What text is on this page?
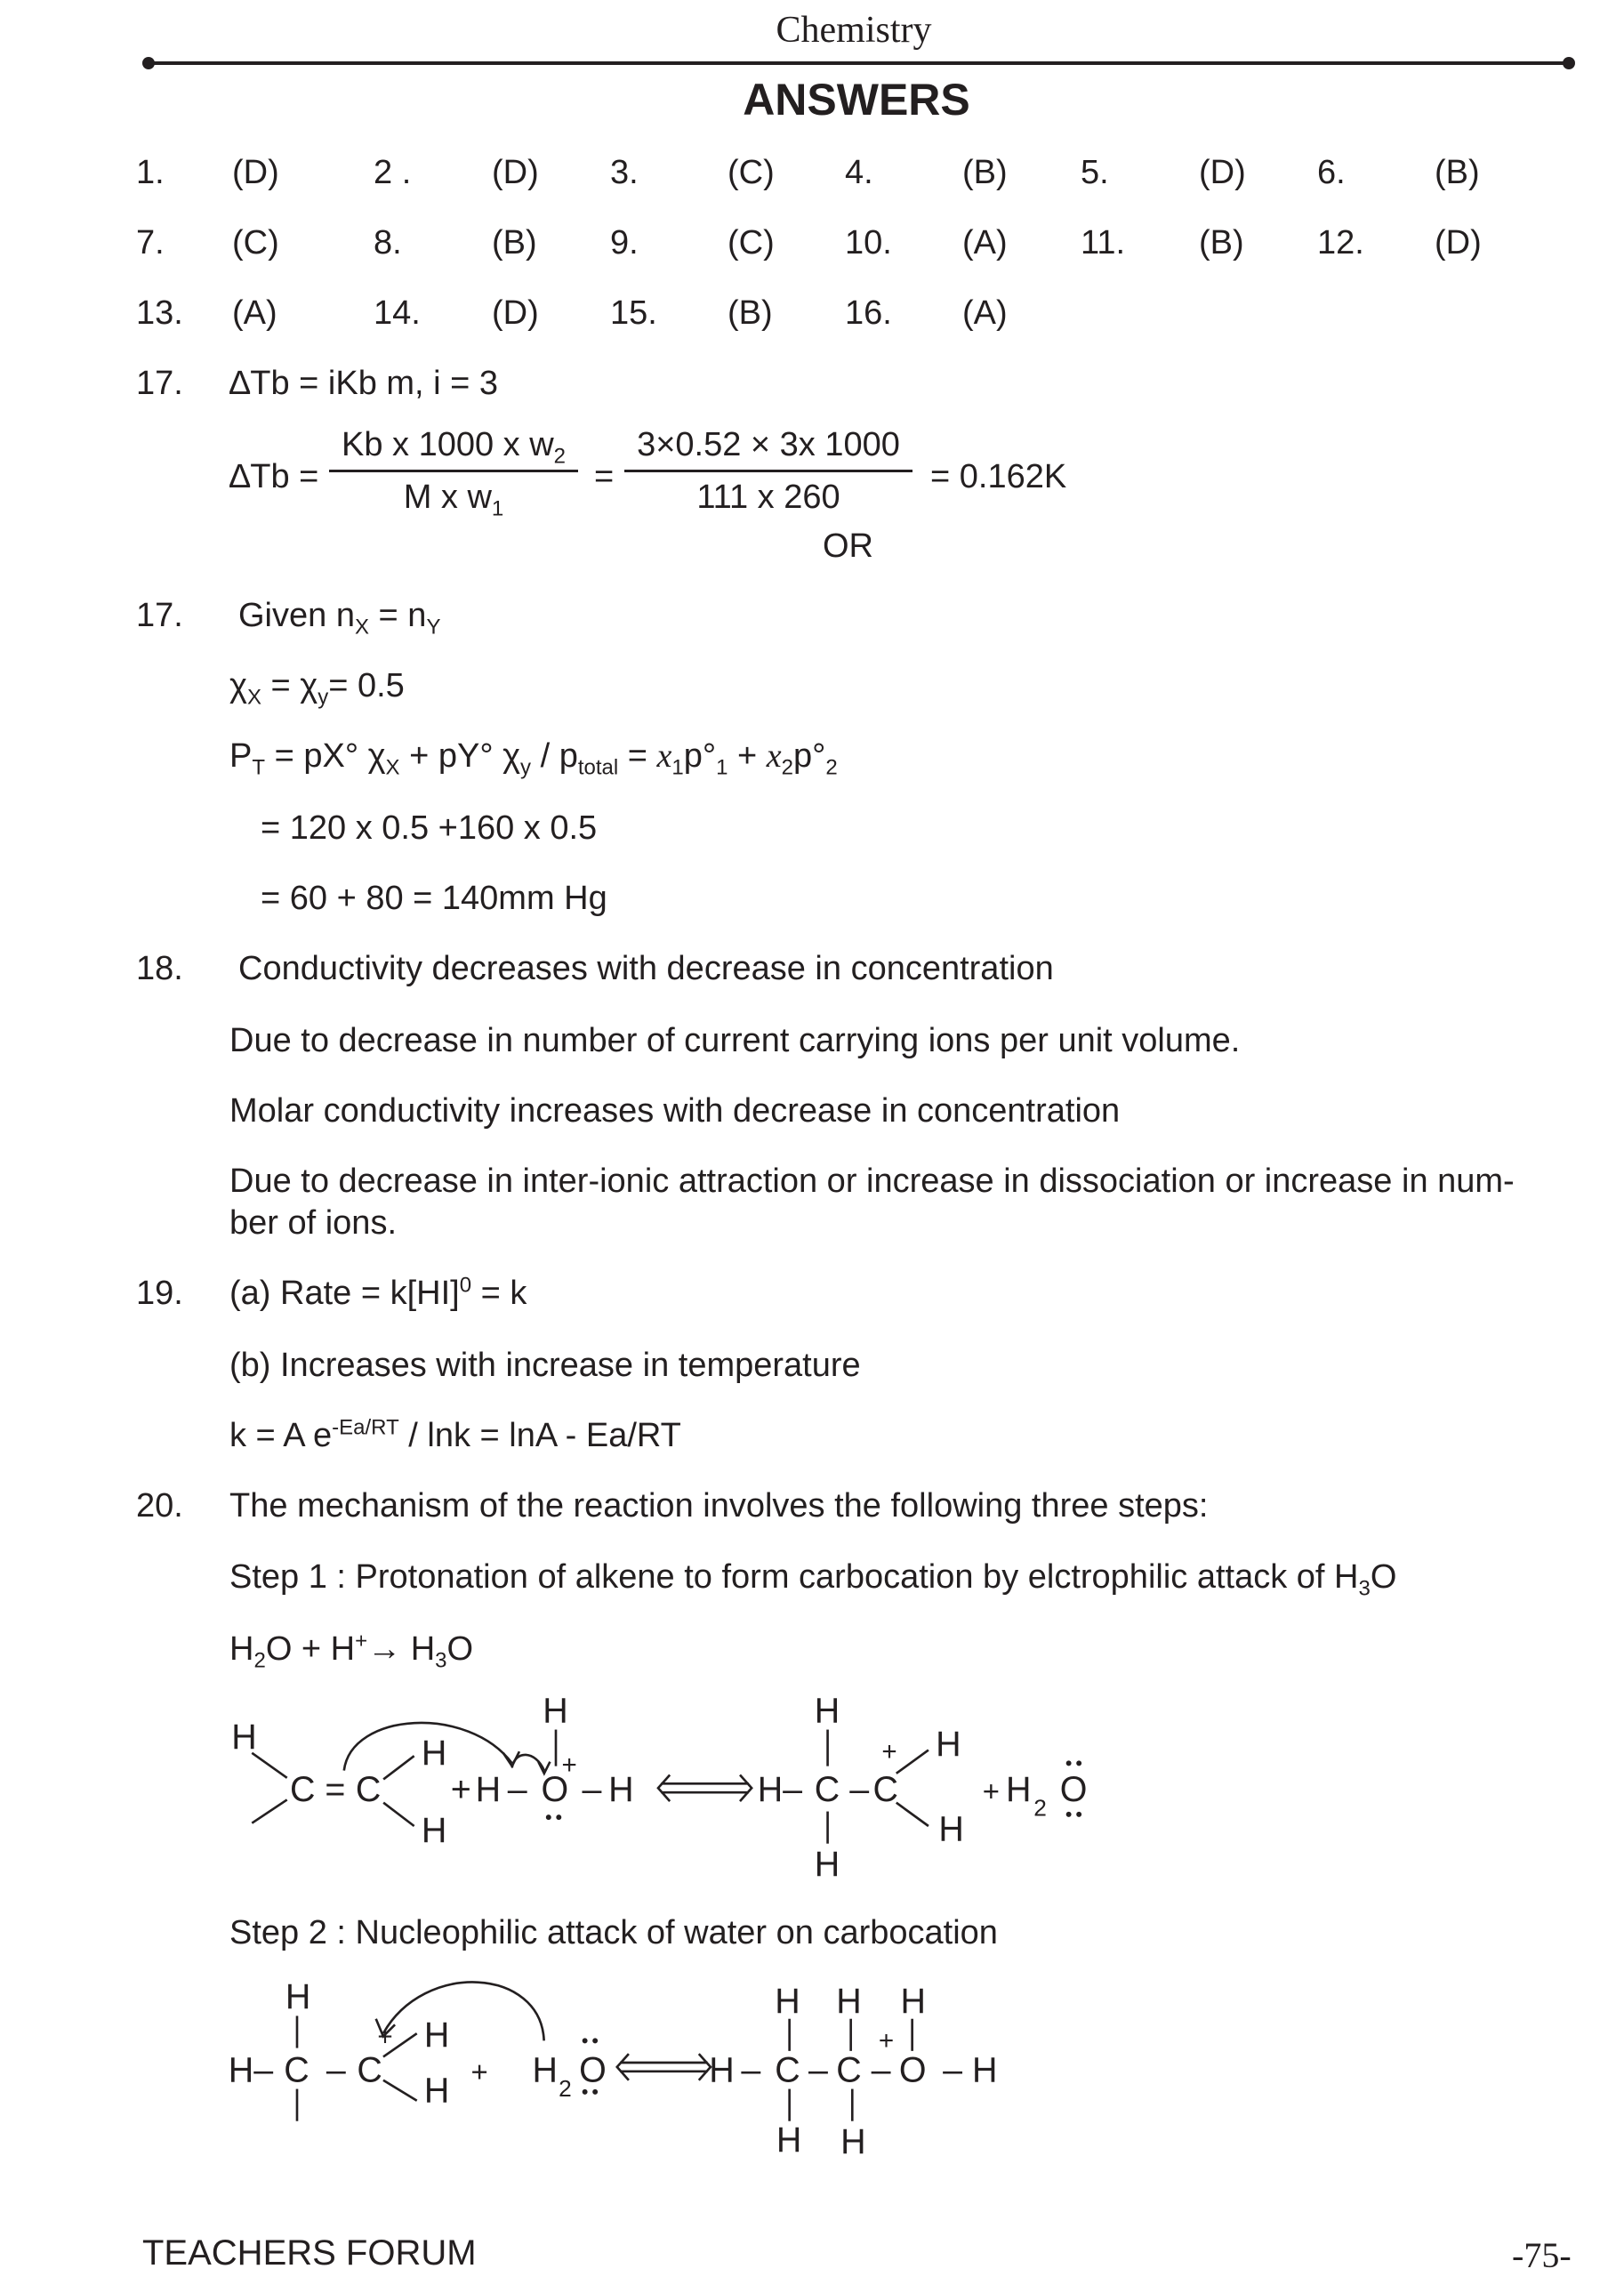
Chemistry
ANSWERS
1. (D)	2 . (D) 3.	(C) 4.	(B) 5.	(D) 6.	(B)
7. (C)	8.	(B) 9.	(C) 10. (A) 11. (B) 12. (D)
13. (A)	14. (D) 15. (B) 16. (A)
17. ∆Tb = iKb m, i = 3
∆Tb =
Kb x 1000 x $w_2$
M x $w_1$
=
3×0.52 × 3x 1000
111 x 260
= 0.162K
OR
17. Given $n_X = n_Y$
$\chi_X = \chi_y= 0.5$
$P_T = pX^\circ$ $\chi_X + pY^\circ$ $\chi_y / p_{total} = x_1p^\circ_1 + x_2p^\circ_2$
= 120 x 0.5 +160 x 0.5
= 60 + 80 = 140mm Hg
18. Conductivity decreases with decrease in concentration
Due to decrease in number of current carrying ions per unit volume.
Molar conductivity increases with decrease in concentration
Due to decrease in inter-ionic attraction or increase in dissociation or increase in num-
ber of ions.
19. (a) Rate = k[HI]$^0$ = k
(b) Increases with increase in temperature
k = A $e^{-Ea/RT} / \ln k = \ln A - Ea/RT$
20. The mechanism of the reaction involves the following three steps:
Step 1 : Protonation of alkene to form carbocation by elctrophilic attack of $H_3O$
$H_2O + H^+\to H_3O$
H
C = C
H
H
+ H – O
H
+
– H	H– C – C
H
H
+ H
H
+ H 2 O
Step 2 : Nucleophilic attack of water on carbocation
H
H– C – C
+ H
H + H 2 O	H – C – C – O – H
H H H
H H
+
TEACHERS FORUM	-75-
